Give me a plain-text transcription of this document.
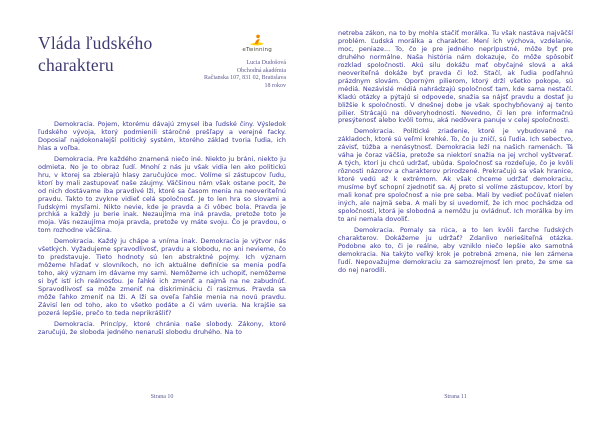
Vláda ľudského charakteru
eTwinning
Lucia Dudošová
Obchodná akadémia
Račianska 107, 831 02, Bratislava
18 rokov

Demokracia. Pojem, ktorému dávajú zmysel iba ľudské činy. Výsledok ľudského vývoja, ktorý podmienili stáročné prešľapy a verejné facky. Doposiaľ najdokonalejší politický systém, ktorého základ tvoria ľudia, ich hlas a voľba.

Demokracia. Pre každého znamená niečo iné. Niekto ju bráni, niekto ju odmieta. No je to obraz ľudí. Mnohí z nás ju však vidia len ako politickú hru, v ktorej sa zbierajú hlasy zaručujúce moc. Volíme si zástupcov ľudu, ktorí by mali zastupovať naše záujmy. Väčšinou nám však ostane pocit, že od nich dostávame iba pravdivé lži, ktoré sa časom menia na neoveriteľnú pravdu. Takto to zvykne vidieť celá spoločnosť. Je to len hra so slovami a ľudskými mysľami. Nikto nevie, kde je pravda a či vôbec bola. Pravda je prchká a každý ju berie inak. Nezaujíma ma iná pravda, pretože toto je moja. Vás nezaujíma moja pravda, pretože vy máte svoju. Čo je pravdou, o tom rozhodne väčšina.

Demokracia. Každý ju chápe a vníma inak. Demokracia je výtvor nás všetkých. Vyžadujeme spravodlivosť, pravdu a slobodu, no ani nevieme, čo to predstavuje. Tieto hodnoty sú len abstraktné pojmy. Ich význam môžeme hľadať v slovníkoch, no ich aktuálne definície sa menia podľa toho, aký význam im dávame my sami. Nemôžeme ich uchopiť, nemôžeme si byť istí ich reálnosťou. Je ľahké ich zmeniť a najmä na ne zabudnúť. Spravodlivosť sa môže zmeniť na diskrimináciu či rasizmus. Pravda sa môže ľahko zmeniť na lži. A lži sa oveľa ľahšie menia na novú pravdu. Závisí len od toho, ako to všetko podáte a či vám uveria. Na krajšie sa pozerá lepšie, prečo to teda neprikrášliť?

Demokracia. Princípy, ktoré chránia naše slobody. Zákony, ktoré zaručujú, že sloboda jedného nenaruší slobodu druhého. Na to

Strana 10

netreba zákon, na to by mohla stačiť morálka. Tu však nastáva najväčší problém. Ľudská morálka a charakter. Mení ich výchova, vzdelanie, moc, peniaze... To, čo je pre jedného neprípustné, môže byť pre druhého normálne. Naša história nám dokazuje, čo môže spôsobiť rozklad spoločnosti. Akú silu dokážu mať obyčajné slová a aká neoveriteľná dokáže byť pravda či lož. Stačí, ak ľudia podľahnú prázdnym slovám. Oporným pilierom, ktorý drží všetko pokope, sú médiá. Nezávislé médiá nahrádzajú spoločnosť tam, kde sama nestačí. Kladú otázky a pýtajú si odpovede, snažia sa nájsť pravdu a dostať ju bližšie k spoločnosti. V dnešnej dobe je však spochybňovaný aj tento pilier. Strácajú na dôveryhodnosti. Nevedno, či len pre informačnú presýtenosť alebo kvôli tomu, aká nedôvera panuje v celej spoločnosti.

Demokracia. Politické zriadenie, ktoré je vybudované na základoch, ktoré sú veľmi krehké. To, čo ju zničí, sú ľudia. Ich sebectvo, závisť, túžba a nenásytnosť. Demokracia leží na našich ramenách. Tá váha je čoraz väčšia, pretože sa niektorí snažia na jej vrchol vyštverať. A tých, ktorí ju chcú udržať, ubúda. Spoločnosť sa rozdeľuje, čo je kvôli rôznosti názorov a charakterov prirodzené. Prekračujú sa však hranice, ktoré vedú až k extrémom. Ak však chceme udržať demokraciu, musíme byť schopní zjednotiť sa. Aj preto si volíme zástupcov, ktorí by mali konať pre spoločnosť a nie pre seba. Mali by vedieť počúvať nielen iných, ale najmä seba. A mali by si uvedomiť, že ich moc pochádza od spoločnosti, ktorá je slobodná a nemôžu ju ovládnuť. Ich morálka by im to ani nemala dovoliť.

Demokracia. Pomaly sa rúca, a to len kvôli ťarche ľudských charakterov. Dokážeme ju udržať? Zdanlivo neriešiteľná otázka. Podobne ako to, či je reálne, aby vzniklo niečo lepšie ako samotná demokracia. Na takýto veľký krok je potrebná zmena, nie len zámena ľudí. Nepovažujme demokraciu za samozrejmosť len preto, že sme sa do nej narodili.

Strana 11
